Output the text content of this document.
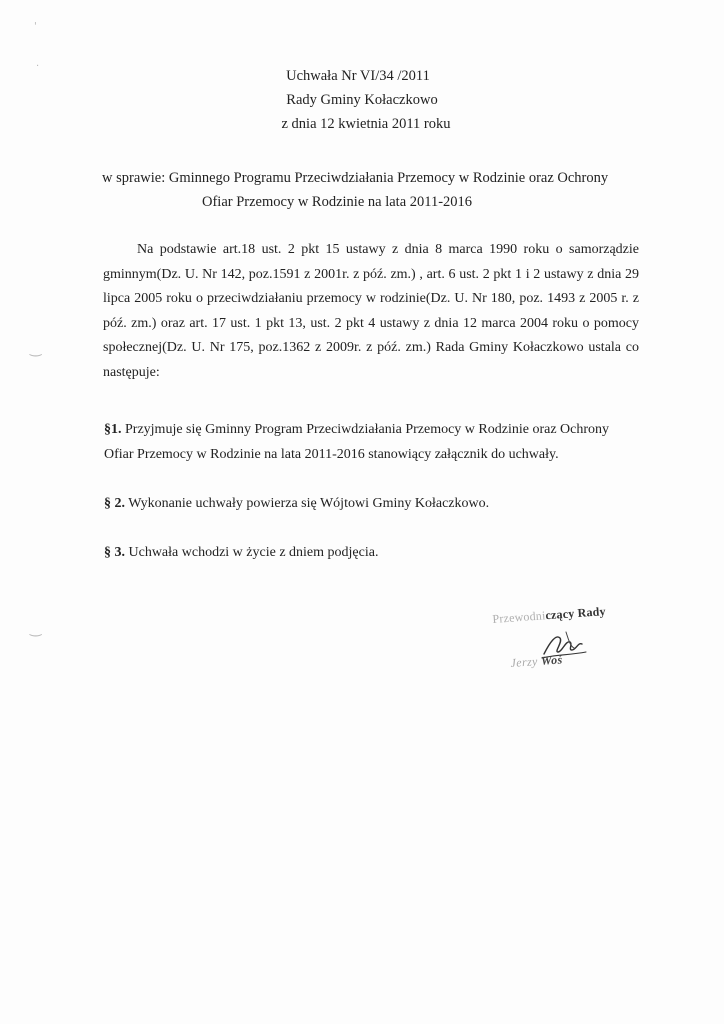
'
·
‿
‿
Uchwała Nr VI/34 /2011
Rady Gminy Kołaczkowo
z dnia 12 kwietnia 2011 roku
w sprawie: Gminnego Programu Przeciwdziałania Przemocy w Rodzinie oraz Ochrony
Ofiar Przemocy w Rodzinie na lata 2011-2016
Na podstawie art.18 ust. 2 pkt 15 ustawy z dnia 8 marca 1990 roku o samorządzie gminnym(Dz. U. Nr 142, poz.1591 z 2001r. z póź. zm.) , art. 6 ust. 2 pkt 1 i 2 ustawy z dnia 29 lipca 2005 roku o przeciwdziałaniu przemocy w rodzinie(Dz. U. Nr 180, poz. 1493 z 2005 r. z póź. zm.) oraz art. 17 ust. 1 pkt 13, ust. 2 pkt 4 ustawy z dnia 12 marca 2004 roku o pomocy społecznej(Dz. U. Nr 175, poz.1362 z 2009r. z póź. zm.) Rada Gminy Kołaczkowo ustala co następuje:
§1. Przyjmuje się Gminny Program Przeciwdziałania Przemocy w Rodzinie oraz Ochrony
Ofiar Przemocy w Rodzinie na lata 2011-2016 stanowiący załącznik do uchwały.
§ 2. Wykonanie uchwały powierza się Wójtowi Gminy Kołaczkowo.
§ 3. Uchwała wchodzi w życie z dniem podjęcia.
Przewodniczący Rady
Jerzy Woś
